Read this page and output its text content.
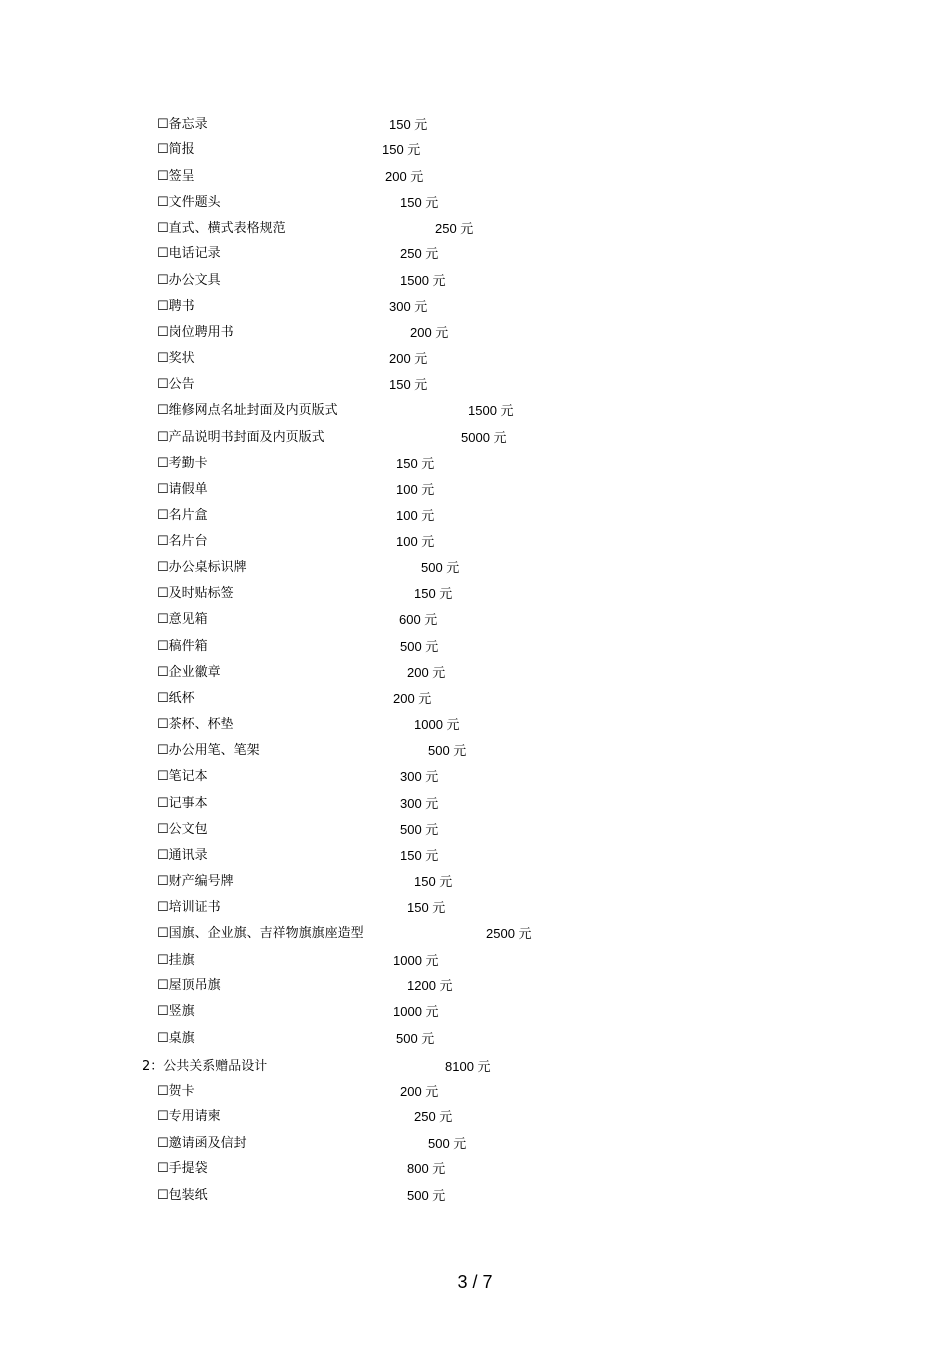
3 / 7
☐备忘录	150 元
☐简报	150 元
☐签呈	200 元
☐文件题头	150 元
☐直式、横式表格规范	250 元
☐电话记录	250 元
☐办公文具	1500 元
☐聘书	300 元
☐岗位聘用书	200 元
☐奖状	200 元
☐公告	150 元
☐维修网点名址封面及内页版式	1500 元
☐产品说明书封面及内页版式	5000 元
☐考勤卡	150 元
☐请假单	100 元
☐名片盒	100 元
☐名片台	100 元
☐办公桌标识牌	500 元
☐及时贴标签	150 元
☐意见箱	600 元
☐稿件箱	500 元
☐企业徽章	200 元
☐纸杯	200 元
☐茶杯、杯垫	1000 元
☐办公用笔、笔架	500 元
☐笔记本	300 元
☐记事本	300 元
☐公文包	500 元
☐通讯录	150 元
☐财产编号牌	150 元
☐培训证书	150 元
☐国旗、企业旗、吉祥物旗旗座造型	2500 元
☐挂旗	1000 元
☐屋顶吊旗	1200 元
☐竖旗	1000 元
☐桌旗	500 元
2：公共关系赠品设计	8100 元
☐贺卡	200 元
☐专用请柬	250 元
☐邀请函及信封	500 元
☐手提袋	800 元
☐包装纸	500 元
